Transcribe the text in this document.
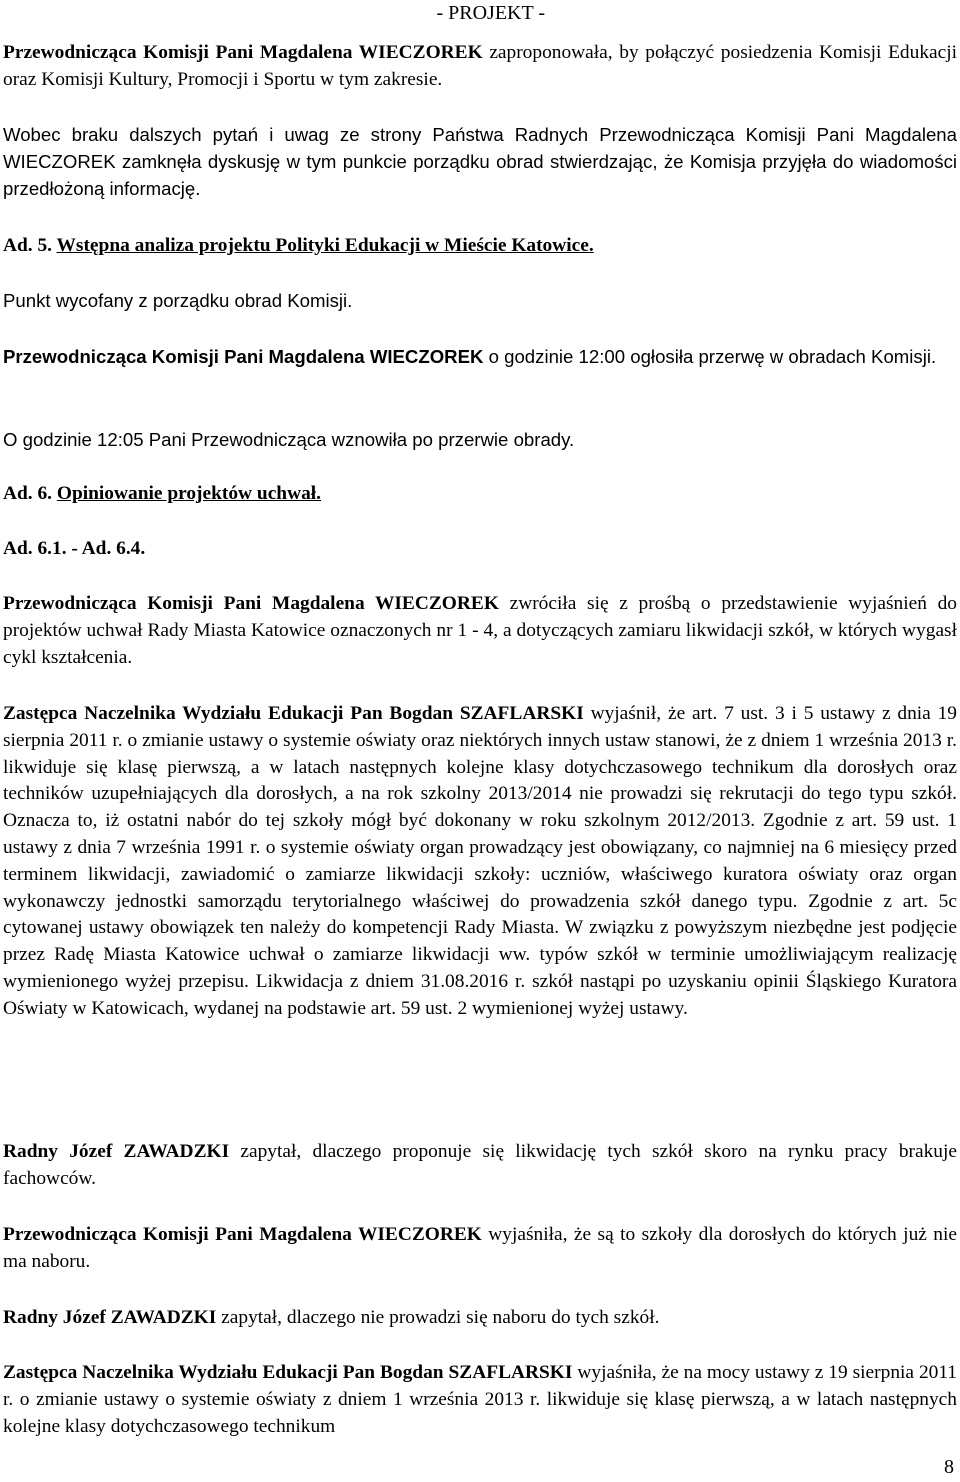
- PROJEKT -
Przewodnicząca Komisji Pani Magdalena WIECZOREK zaproponowała, by połączyć posiedzenia Komisji Edukacji oraz Komisji Kultury, Promocji i Sportu w tym zakresie.
Wobec braku dalszych pytań i uwag ze strony Państwa Radnych Przewodnicząca Komisji Pani Magdalena WIECZOREK zamknęła dyskusję w tym punkcie porządku obrad stwierdzając, że Komisja przyjęła do wiadomości przedłożoną informację.
Ad. 5. Wstępna analiza projektu Polityki Edukacji w Mieście Katowice.
Punkt wycofany z porządku obrad Komisji.
Przewodnicząca Komisji Pani Magdalena WIECZOREK o godzinie 12:00 ogłosiła przerwę w obradach Komisji.
O godzinie 12:05 Pani Przewodnicząca wznowiła po przerwie obrady.
Ad. 6. Opiniowanie projektów uchwał.
Ad. 6.1. - Ad. 6.4.
Przewodnicząca Komisji Pani Magdalena WIECZOREK zwróciła się z prośbą o przedstawienie wyjaśnień do projektów uchwał Rady Miasta Katowice oznaczonych nr 1 - 4, a dotyczących zamiaru likwidacji szkół, w których wygasł cykl kształcenia.
Zastępca Naczelnika Wydziału Edukacji Pan Bogdan SZAFLARSKI wyjaśnił, że art. 7 ust. 3 i 5 ustawy z dnia 19 sierpnia 2011 r. o zmianie ustawy o systemie oświaty oraz niektórych innych ustaw stanowi, że z dniem 1 września 2013 r. likwiduje się klasę pierwszą, a w latach następnych kolejne klasy dotychczasowego technikum dla dorosłych oraz techników uzupełniających dla dorosłych, a na rok szkolny 2013/2014 nie prowadzi się rekrutacji do tego typu szkół. Oznacza to, iż ostatni nabór do tej szkoły mógł być dokonany w roku szkolnym 2012/2013. Zgodnie z art. 59 ust. 1 ustawy z dnia 7 września 1991 r. o systemie oświaty organ prowadzący jest obowiązany, co najmniej na 6 miesięcy przed terminem likwidacji, zawiadomić o zamiarze likwidacji szkoły: uczniów, właściwego kuratora oświaty oraz organ wykonawczy jednostki samorządu terytorialnego właściwej do prowadzenia szkół danego typu. Zgodnie z art. 5c cytowanej ustawy obowiązek ten należy do kompetencji Rady Miasta. W związku z powyższym niezbędne jest podjęcie przez Radę Miasta Katowice uchwał o zamiarze likwidacji ww. typów szkół w terminie umożliwiającym realizację wymienionego wyżej przepisu. Likwidacja z dniem 31.08.2016 r. szkół nastąpi po uzyskaniu opinii Śląskiego Kuratora Oświaty w Katowicach, wydanej na podstawie art. 59 ust. 2 wymienionej wyżej ustawy.
Radny Józef ZAWADZKI zapytał, dlaczego proponuje się likwidację tych szkół skoro na rynku pracy brakuje fachowców.
Przewodnicząca Komisji Pani Magdalena WIECZOREK wyjaśniła, że są to szkoły dla dorosłych do których już nie ma naboru.
Radny Józef ZAWADZKI zapytał, dlaczego nie prowadzi się naboru do tych szkół.
Zastępca Naczelnika Wydziału Edukacji Pan Bogdan SZAFLARSKI wyjaśniła, że na mocy ustawy z 19 sierpnia 2011 r. o zmianie ustawy o systemie oświaty z dniem 1 września 2013 r. likwiduje się klasę pierwszą, a w latach następnych kolejne klasy dotychczasowego technikum
8
